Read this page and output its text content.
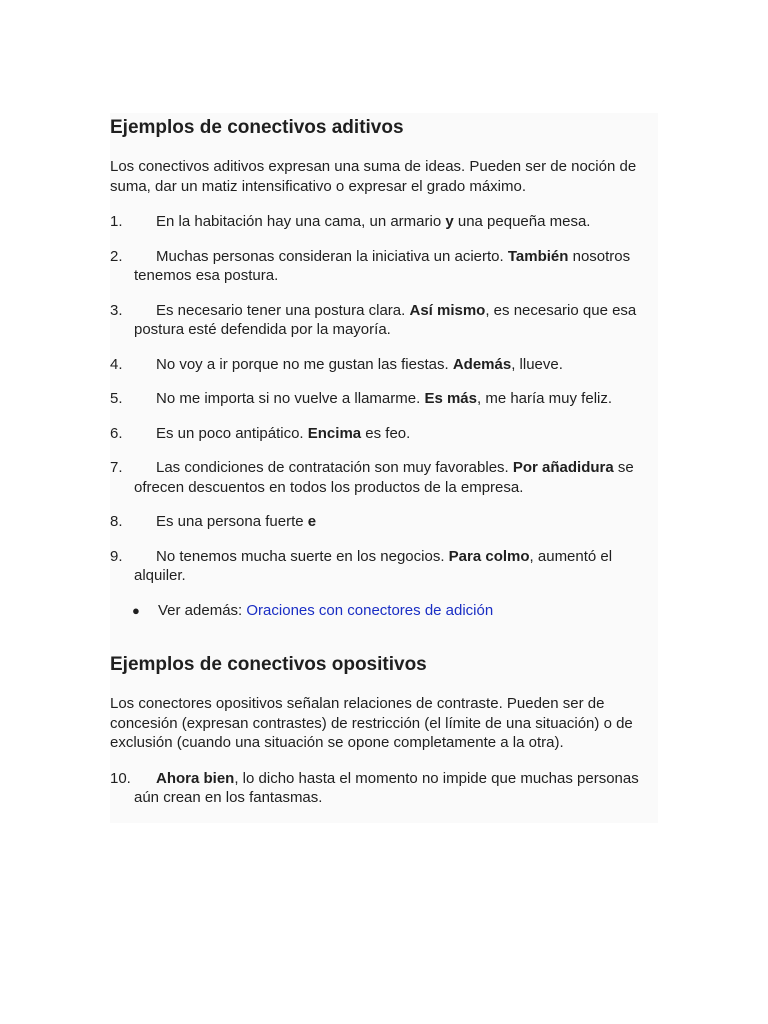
Ejemplos de conectivos aditivos

Los conectivos aditivos expresan una suma de ideas. Pueden ser de noción de suma, dar un matiz intensificativo o expresar el grado máximo.

1.	En la habitación hay una cama, un armario y una pequeña mesa.
2.	Muchas personas consideran la iniciativa un acierto. También nosotros tenemos esa postura.
3.	Es necesario tener una postura clara. Así mismo, es necesario que esa postura esté defendida por la mayoría.
4.	No voy a ir porque no me gustan las fiestas. Además, llueve.
5.	No me importa si no vuelve a llamarme. Es más, me haría muy feliz.
6.	Es un poco antipático. Encima es feo.
7.	Las condiciones de contratación son muy favorables. Por añadidura se ofrecen descuentos en todos los productos de la empresa.
8.	Es una persona fuerte e
9.	No tenemos mucha suerte en los negocios. Para colmo, aumentó el alquiler.
● Ver además: Oraciones con conectores de adición
Ejemplos de conectivos opositivos

Los conectores opositivos señalan relaciones de contraste. Pueden ser de concesión (expresan contrastes) de restricción (el límite de una situación) o de exclusión (cuando una situación se opone completamente a la otra).

10.	Ahora bien, lo dicho hasta el momento no impide que muchas personas aún crean en los fantasmas.
